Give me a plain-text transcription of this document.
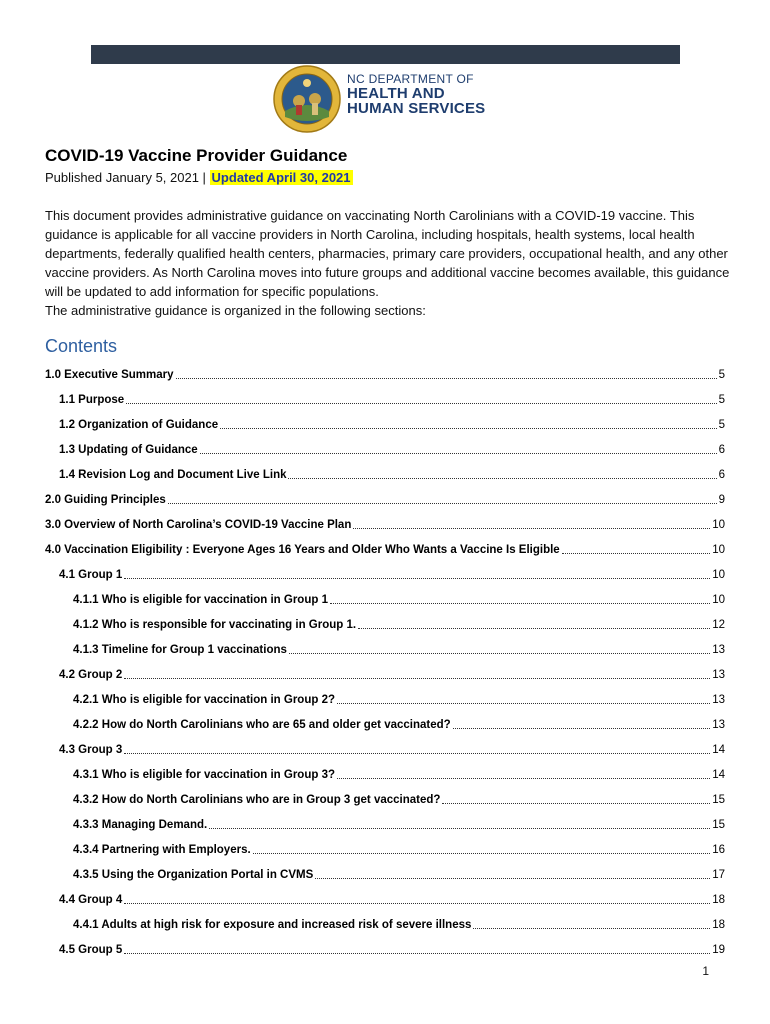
NC DEPARTMENT OF
HEALTH AND
HUMAN SERVICES
COVID-19 Vaccine Provider Guidance
Published January 5, 2021 | Updated April 30, 2021

This document provides administrative guidance on vaccinating North Carolinians with a COVID-19 vaccine. This guidance is applicable for all vaccine providers in North Carolina, including hospitals, health systems, local health departments, federally qualified health centers, pharmacies, primary care providers, occupational health, and any other vaccine providers. As North Carolina moves into future groups and additional vaccine becomes available, this guidance will be updated to add information for specific populations.

The administrative guidance is organized in the following sections:

Contents
1.0 Executive Summary	5
1.1 Purpose	5
1.2 Organization of Guidance	5
1.3 Updating of Guidance	6
1.4 Revision Log and Document Live Link	6
2.0 Guiding Principles	9
3.0 Overview of North Carolina’s COVID-19 Vaccine Plan	10
4.0 Vaccination Eligibility : Everyone Ages 16 Years and Older Who Wants a Vaccine Is Eligible	10
4.1 Group 1	10
4.1.1 Who is eligible for vaccination in Group 1	10
4.1.2 Who is responsible for vaccinating in Group 1.	12
4.1.3 Timeline for Group 1 vaccinations	13
4.2 Group 2	13
4.2.1 Who is eligible for vaccination in Group 2?	13
4.2.2 How do North Carolinians who are 65 and older get vaccinated?	13
4.3 Group 3	14
4.3.1 Who is eligible for vaccination in Group 3?	14
4.3.2 How do North Carolinians who are in Group 3 get vaccinated?	15
4.3.3 Managing Demand.	15
4.3.4 Partnering with Employers.	16
4.3.5 Using the Organization Portal in CVMS	17
4.4 Group 4	18
4.4.1 Adults at high risk for exposure and increased risk of severe illness	18
4.5 Group 5	19
1
